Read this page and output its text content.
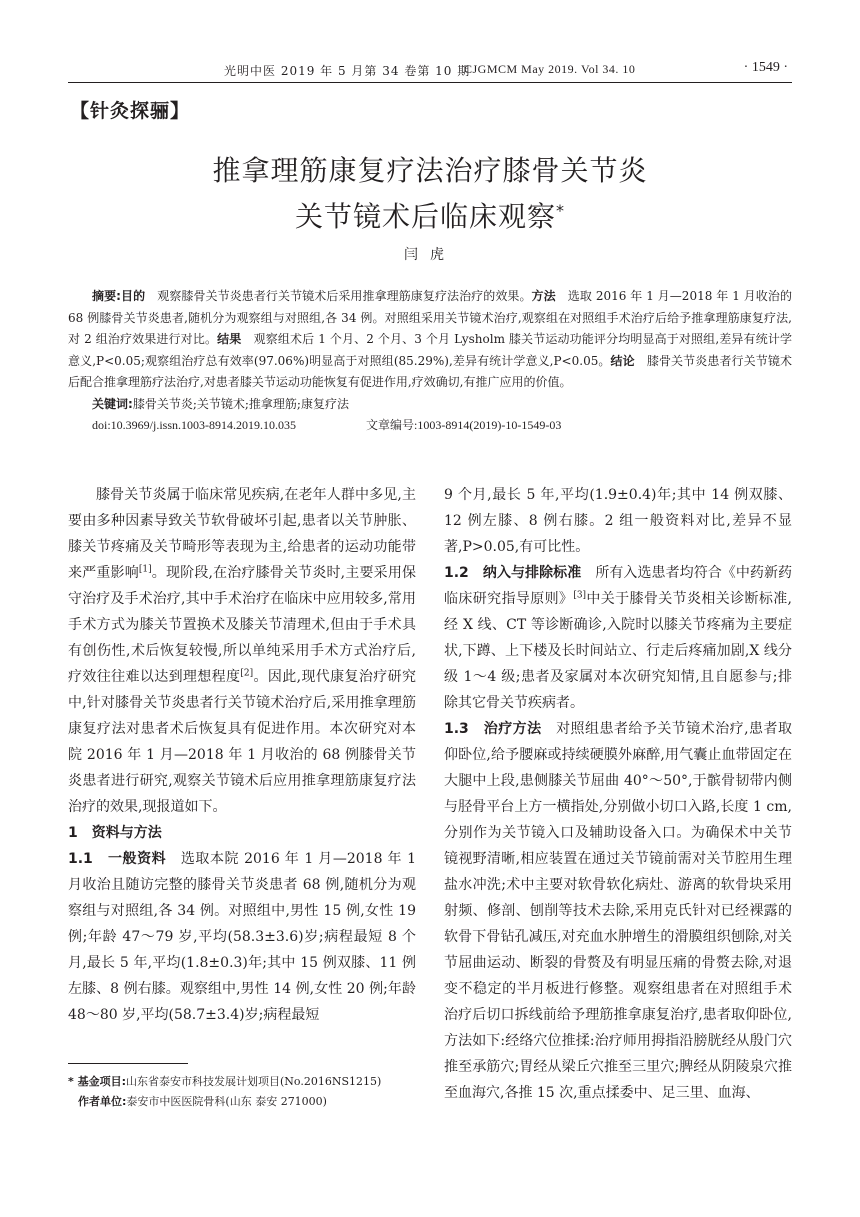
光明中医 2019 年 5 月第 34 卷第 10 期
CJGMCM May 2019. Vol 34. 10	· 1549 ·
【针灸探骊】
推拿理筋康复疗法治疗膝骨关节炎
关节镜术后临床观察*
闫虎

摘要:目的　 观察膝骨关节炎患者行关节镜术后采用推拿理筋康复疗法治疗的效果。方法　 选取 2016 年 1 月—2018 年 1 月收治的 68 例膝骨关节炎患者,随机分为观察组与对照组,各 34 例。对照组采用关节镜术治疗,观察组在对照组手术治疗后给予推拿理筋康复疗法,对 2 组治疗效果进行对比。结果　 观察组术后 1 个月、2 个月、3 个月 Lysholm 膝关节运动功能评分均明显高于对照组,差异有统计学意义,P<0.05;观察组治疗总有效率(97.06%)明显高于对照组(85.29%),差异有统计学意义,P<0.05。结论　 膝骨关节炎患者行关节镜术后配合推拿理筋疗法治疗,对患者膝关节运动功能恢复有促进作用,疗效确切,有推广应用的价值。

关键词:膝骨关节炎;关节镜术;推拿理筋;康复疗法

doi:10.3969/j.issn.1003-8914.2019.10.035	文章编号:1003-8914(2019)-10-1549-03

膝骨关节炎属于临床常见疾病,在老年人群中多见,主要由多种因素导致关节软骨破坏引起,患者以关节肿胀、膝关节疼痛及关节畸形等表现为主,给患者的运动功能带来严重影响[1]。现阶段,在治疗膝骨关节炎时,主要采用保守治疗及手术治疗,其中手术治疗在临床中应用较多,常用手术方式为膝关节置换术及膝关节清理术,但由于手术具有创伤性,术后恢复较慢,所以单纯采用手术方式治疗后,疗效往往难以达到理想程度[2]。因此,现代康复治疗研究中,针对膝骨关节炎患者行关节镜术治疗后,采用推拿理筋康复疗法对患者术后恢复具有促进作用。本次研究对本院 2016 年 1 月—2018 年 1 月收治的 68 例膝骨关节炎患者进行研究,观察关节镜术后应用推拿理筋康复疗法治疗的效果,现报道如下。

1　资料与方法

1.1　一般资料　 选取本院 2016 年 1 月—2018 年 1 月收治且随访完整的膝骨关节炎患者 68 例,随机分为观察组与对照组,各 34 例。对照组中,男性 15 例,女性 19 例;年龄 47～79 岁,平均(58.3±3.6)岁;病程最短 8 个月,最长 5 年,平均(1.8±0.3)年;其中 15 例双膝、11 例左膝、8 例右膝。观察组中,男性 14 例,女性 20 例;年龄 48～80 岁,平均(58.7±3.4)岁;病程最短

9 个月,最长 5 年,平均(1.9±0.4)年;其中 14 例双膝、12 例左膝、8 例右膝。2 组一般资料对比,差异不显著,P>0.05,有可比性。

1.2　纳入与排除标准　 所有入选患者均符合《中药新药临床研究指导原则》[3]中关于膝骨关节炎相关诊断标准,经 X 线、CT 等诊断确诊,入院时以膝关节疼痛为主要症状,下蹲、上下楼及长时间站立、行走后疼痛加剧,X 线分级 1～4 级;患者及家属对本次研究知情,且自愿参与;排除其它骨关节疾病者。

1.3　治疗方法　 对照组患者给予关节镜术治疗,患者取仰卧位,给予腰麻或持续硬膜外麻醉,用气囊止血带固定在大腿中上段,患侧膝关节屈曲 40°～50°,于髌骨韧带内侧与胫骨平台上方一横指处,分别做小切口入路,长度 1 cm,分别作为关节镜入口及辅助设备入口。为确保术中关节镜视野清晰,相应装置在通过关节镜前需对关节腔用生理盐水冲洗;术中主要对软骨软化病灶、游离的软骨块采用射频、修剖、刨削等技术去除,采用克氏针对已经裸露的软骨下骨钻孔减压,对充血水肿增生的滑膜组织刨除,对关节屈曲运动、断裂的骨赘及有明显压痛的骨赘去除,对退变不稳定的半月板进行修整。观察组患者在对照组手术治疗后切口拆线前给予理筋推拿康复治疗,患者取仰卧位,方法如下:经络穴位推揉:治疗师用拇指沿膀胱经从殷门穴推至承筋穴;胃经从梁丘穴推至三里穴;脾经从阴陵泉穴推至血海穴,各推 15 次,重点揉委中、足三里、血海、

* 基金项目:山东省泰安市科技发展计划项目(No.2016NS1215)
作者单位:泰安市中医医院骨科(山东 泰安 271000)
